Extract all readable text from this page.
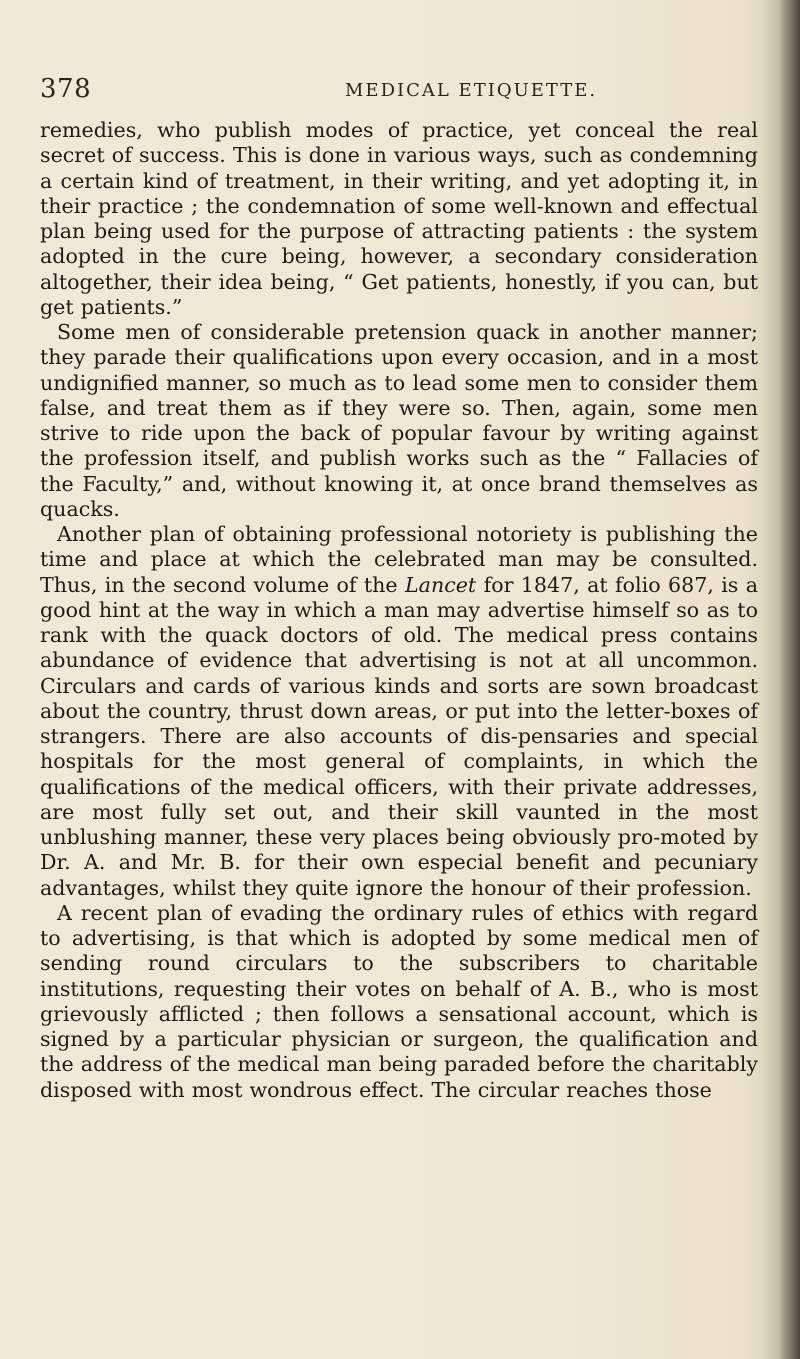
378	MEDICAL ETIQUETTE.

remedies, who publish modes of practice, yet conceal the real secret of success. This is done in various ways, such as condemning a certain kind of treatment, in their writing, and yet adopting it, in their practice ; the condemnation of some well-known and effectual plan being used for the purpose of attracting patients : the system adopted in the cure being, however, a secondary consideration altogether, their idea being, “ Get patients, honestly, if you can, but get patients.”

Some men of considerable pretension quack in another manner; they parade their qualifications upon every occasion, and in a most undignified manner, so much as to lead some men to consider them false, and treat them as if they were so. Then, again, some men strive to ride upon the back of popular favour by writing against the profession itself, and publish works such as the “ Fallacies of the Faculty,” and, without knowing it, at once brand themselves as quacks.

Another plan of obtaining professional notoriety is publishing the time and place at which the celebrated man may be consulted. Thus, in the second volume of the Lancet for 1847, at folio 687, is a good hint at the way in which a man may advertise himself so as to rank with the quack doctors of old. The medical press contains abundance of evidence that advertising is not at all uncommon. Circulars and cards of various kinds and sorts are sown broadcast about the country, thrust down areas, or put into the letter-boxes of strangers. There are also accounts of dis-pensaries and special hospitals for the most general of complaints, in which the qualifications of the medical officers, with their private addresses, are most fully set out, and their skill vaunted in the most unblushing manner, these very places being obviously pro-moted by Dr. A. and Mr. B. for their own especial benefit and pecuniary advantages, whilst they quite ignore the honour of their profession.

A recent plan of evading the ordinary rules of ethics with regard to advertising, is that which is adopted by some medical men of sending round circulars to the subscribers to charitable institutions, requesting their votes on behalf of A. B., who is most grievously afflicted ; then follows a sensational account, which is signed by a particular physician or surgeon, the qualification and the address of the medical man being paraded before the charitably disposed with most wondrous effect. The circular reaches those
